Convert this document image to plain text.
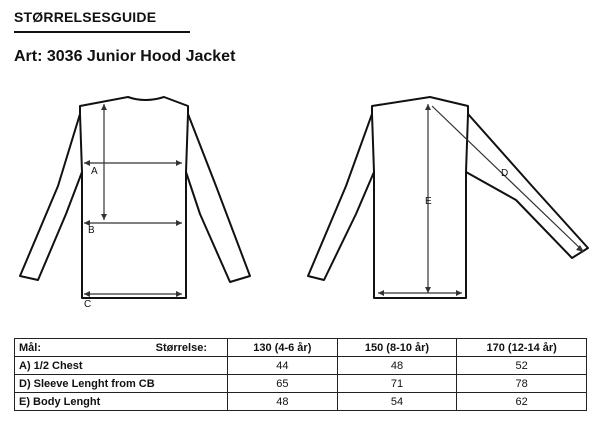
STØRRELSESGUIDE
Art: 3036 Junior Hood Jacket
A
B
C
E
D
Mål:	Størrelse:	130 (4-6 år)	150 (8-10 år)	170 (12-14 år)
A) 1/2 Chest		44	48	52
D) Sleeve Lenght from CB		65	71	78
E) Body Lenght		48	54	62
